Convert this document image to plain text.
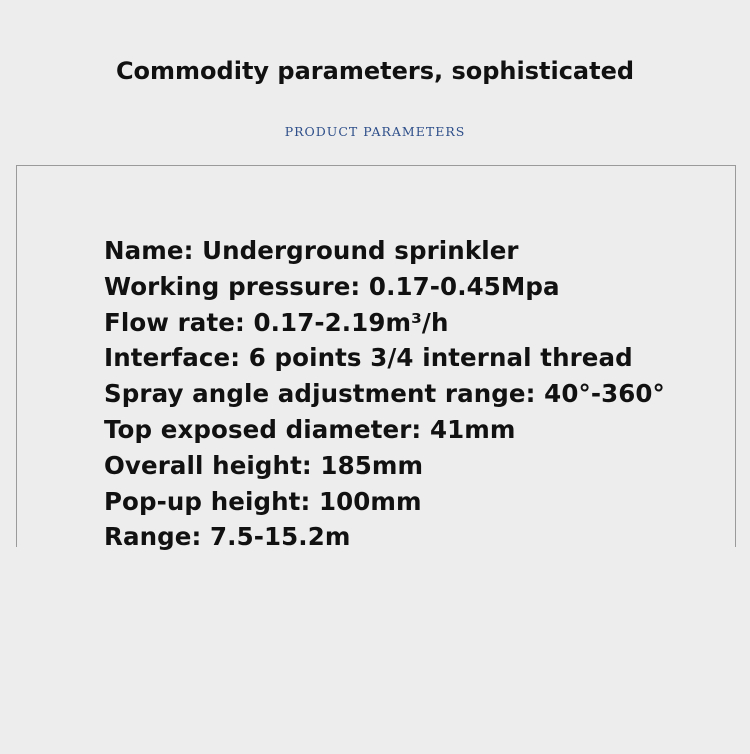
Commodity parameters, sophisticated
PRODUCT PARAMETERS
Name: Underground sprinkler
Working pressure: 0.17-0.45Mpa
Flow rate: 0.17-2.19m³/h
Interface: 6 points 3/4 internal thread
Spray angle adjustment range: 40°-360°
Top exposed diameter: 41mm
Overall height: 185mm
Pop-up height: 100mm
Range: 7.5-15.2m
